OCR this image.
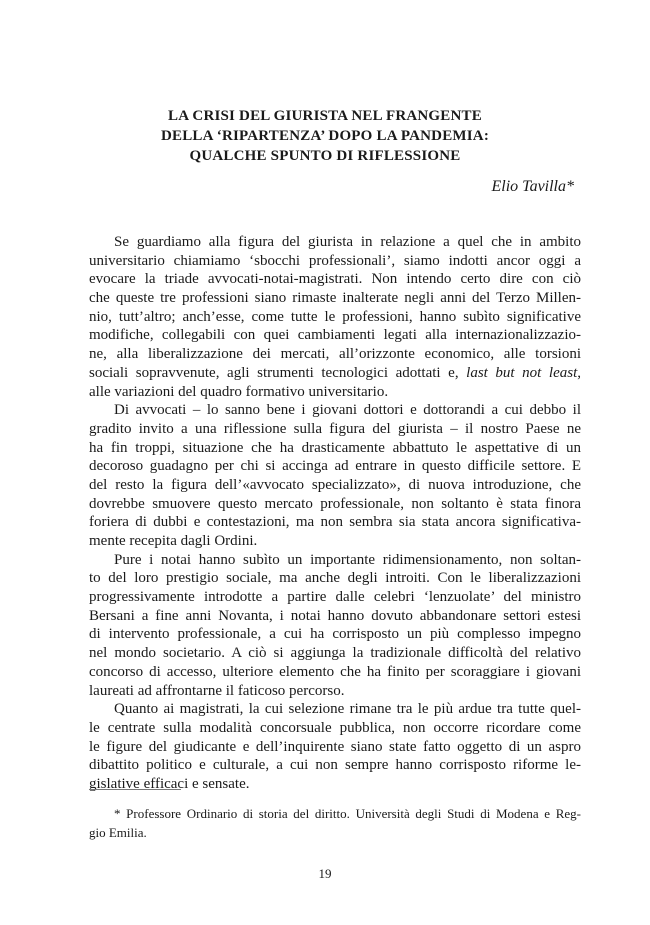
LA CRISI DEL GIURISTA NEL FRANGENTE
DELLA ‘RIPARTENZA’ DOPO LA PANDEMIA:
QUALCHE SPUNTO DI RIFLESSIONE
Elio Tavilla*
Se guardiamo alla figura del giurista in relazione a quel che in ambito
universitario chiamiamo ‘sbocchi professionali’, siamo indotti ancor oggi a
evocare la triade avvocati-notai-magistrati. Non intendo certo dire con ciò
che queste tre professioni siano rimaste inalterate negli anni del Terzo Millen-
nio, tutt’altro; anch’esse, come tutte le professioni, hanno subìto significative
modifiche, collegabili con quei cambiamenti legati alla internazionalizzazio-
ne, alla liberalizzazione dei mercati, all’orizzonte economico, alle torsioni
sociali sopravvenute, agli strumenti tecnologici adottati e, last but not least,
alle variazioni del quadro formativo universitario.
Di avvocati – lo sanno bene i giovani dottori e dottorandi a cui debbo il
gradito invito a una riflessione sulla figura del giurista – il nostro Paese ne
ha fin troppi, situazione che ha drasticamente abbattuto le aspettative di un
decoroso guadagno per chi si accinga ad entrare in questo difficile settore. E
del resto la figura dell’«avvocato specializzato», di nuova introduzione, che
dovrebbe smuovere questo mercato professionale, non soltanto è stata finora
foriera di dubbi e contestazioni, ma non sembra sia stata ancora significativa-
mente recepita dagli Ordini.
Pure i notai hanno subìto un importante ridimensionamento, non soltan-
to del loro prestigio sociale, ma anche degli introiti. Con le liberalizzazioni
progressivamente introdotte a partire dalle celebri ‘lenzuolate’ del ministro
Bersani a fine anni Novanta, i notai hanno dovuto abbandonare settori estesi
di intervento professionale, a cui ha corrisposto un più complesso impegno
nel mondo societario. A ciò si aggiunga la tradizionale difficoltà del relativo
concorso di accesso, ulteriore elemento che ha finito per scoraggiare i giovani
laureati ad affrontarne il faticoso percorso.
Quanto ai magistrati, la cui selezione rimane tra le più ardue tra tutte quel-
le centrate sulla modalità concorsuale pubblica, non occorre ricordare come
le figure del giudicante e dell’inquirente siano state fatto oggetto di un aspro
dibattito politico e culturale, a cui non sempre hanno corrisposto riforme le-
gislative efficaci e sensate.
* Professore Ordinario di storia del diritto. Università degli Studi di Modena e Reg-
gio Emilia.
19
